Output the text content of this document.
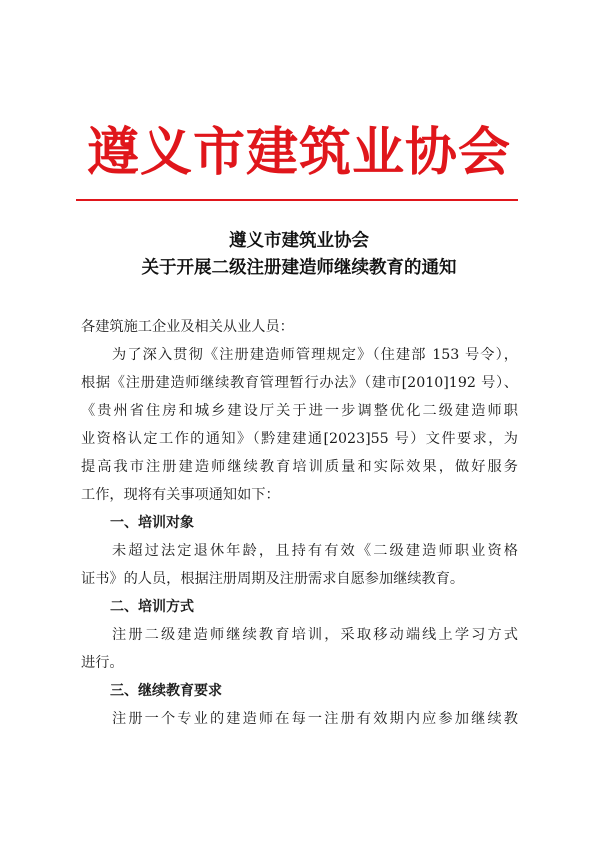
遵义市建筑业协会
遵义市建筑业协会
关于开展二级注册建造师继续教育的通知
各建筑施工企业及相关从业人员：
为了深入贯彻《注册建造师管理规定》（住建部 153 号令），
根据《注册建造师继续教育管理暂行办法》（建市[2010]192 号）、
《贵州省住房和城乡建设厅关于进一步调整优化二级建造师职
业资格认定工作的通知》（黔建建通[2023]55 号）文件要求，为
提高我市注册建造师继续教育培训质量和实际效果，做好服务
工作，现将有关事项通知如下：
一、培训对象
未超过法定退休年龄，且持有有效《二级建造师职业资格
证书》的人员，根据注册周期及注册需求自愿参加继续教育。
二、培训方式
注册二级建造师继续教育培训，采取移动端线上学习方式
进行。
三、继续教育要求
注册一个专业的建造师在每一注册有效期内应参加继续教
